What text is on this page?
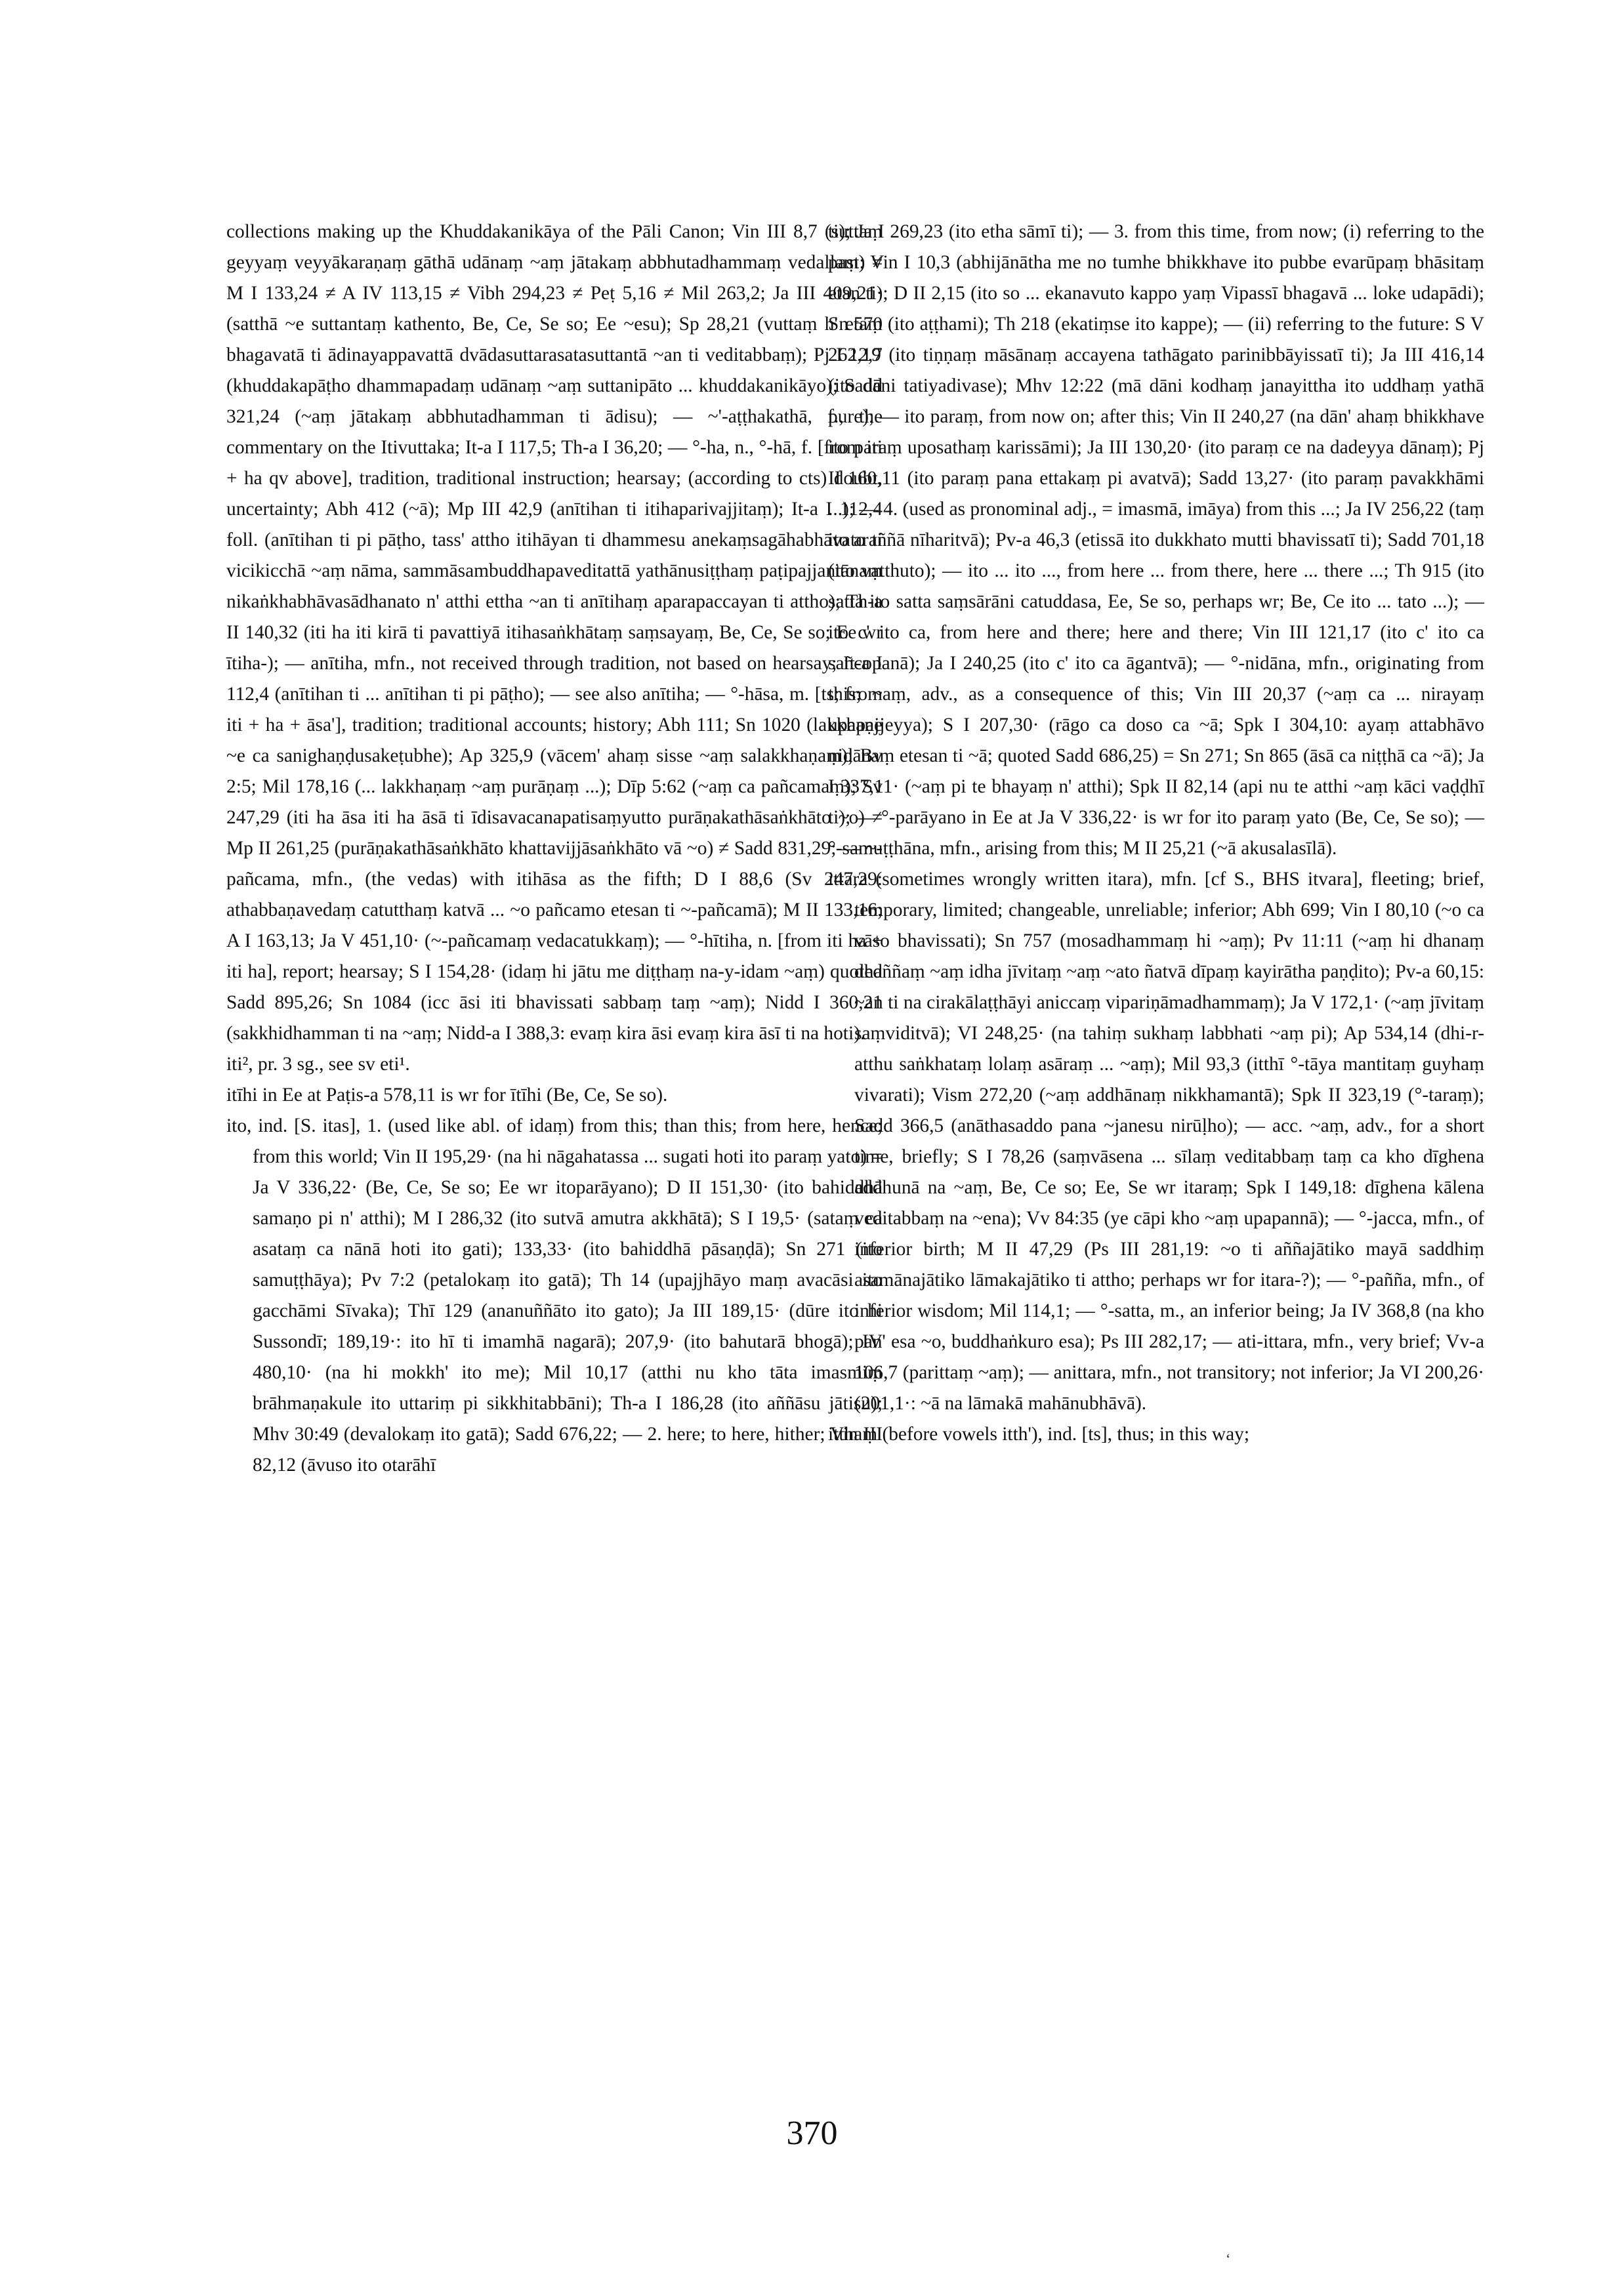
collections making up the Khuddakanikāya of the Pāli Canon; Vin III 8,7 (suttaṃ geyyaṃ veyyākaraṇaṃ gāthā udānaṃ ~aṃ jātakaṃ abbhutadhammaṃ vedallaṃ) ≠ M I 133,24 ≠ A IV 113,15 ≠ Vibh 294,23 ≠ Peṭ 5,16 ≠ Mil 263,2; Ja III 409,21· (satthā ~e suttantaṃ kathento, Be, Ce, Se so; Ee ~esu); Sp 28,21 (vuttaṃ h' etaṃ bhagavatā ti ādinayappavattā dvādasuttarasatasuttantā ~an ti veditabbaṃ); Pj I 12,7 (khuddakapāṭho dhammapadaṃ udānaṃ ~aṃ suttanipāto ... khuddakanikāyo); Sadd 321,24 (~aṃ jātakaṃ abbhutadhamman ti ādisu); — ~'-aṭṭhakathā, f., the commentary on the Itivuttaka; It-a I 117,5; Th-a I 36,20; — °-ha, n., °-hā, f. [from iti + ha qv above], tradition, traditional instruction; hearsay; (according to cts) doubt, uncertainty; Abh 412 (~ā); Mp III 42,9 (anītihan ti itihaparivajjitaṃ); It-a I 112,4 foll. (anītihan ti pi pāṭho, tass' attho itihāyan ti dhammesu anekaṃsagāhabhāvato ti vicikicchā ~aṃ nāma, sammāsambuddhapaveditattā yathānusiṭṭhaṃ paṭipajjantānaṃ nikaṅkhabhāvasādhanato n' atthi ettha ~an ti anītihaṃ aparapaccayan ti attho); Th-a II 140,32 (iti ha iti kirā ti pavattiyā itihasaṅkhātaṃ saṃsayaṃ, Be, Ce, Se so; Ee wr ītiha-); — anītiha, mfn., not received through tradition, not based on hearsay; It-a I 112,4 (anītihan ti ... anītihan ti pi pāṭho); — see also anītiha; — °-hāsa, m. [ts; from iti + ha + āsa'], tradition; traditional accounts; history; Abh 111; Sn 1020 (lakkhaṇe ~e ca sanighaṇḍusakeṭubhe); Ap 325,9 (vācem' ahaṃ sisse ~aṃ salakkhaṇaṃ); Bv 2:5; Mil 178,16 (... lakkhaṇaṃ ~aṃ purāṇaṃ ...); Dīp 5:62 (~aṃ ca pañcamaṃ); Sv 247,29 (iti ha āsa iti ha āsā ti īdisavacanapatisaṃyutto purāṇakathāsaṅkhāto ~o) ≠ Mp II 261,25 (purāṇakathāsaṅkhāto khattavijjāsaṅkhāto vā ~o) ≠ Sadd 831,29; — ~-pañcama, mfn., (the vedas) with itihāsa as the fifth; D I 88,6 (Sv 247,29: athabbaṇavedaṃ catutthaṃ katvā ... ~o pañcamo etesan ti ~-pañcamā); M II 133,16; A I 163,13; Ja V 451,10· (~-pañcamaṃ vedacatukkaṃ); — °-hītiha, n. [from iti ha + iti ha], report; hearsay; S I 154,28· (idaṃ hi jātu me diṭṭhaṃ na-y-idam ~aṃ) quoted Sadd 895,26; Sn 1084 (icc āsi iti bhavissati sabbaṃ taṃ ~aṃ); Nidd I 360,21 (sakkhidhamman ti na ~aṃ; Nidd-a I 388,3: evaṃ kira āsi evaṃ kira āsī ti na hoti).

iti², pr. 3 sg., see sv eti¹.

itīhi in Ee at Paṭis-a 578,11 is wr for ītīhi (Be, Ce, Se so).

ito, ind. [S. itas], 1. (used like abl. of idaṃ) from this; than this; from here, hence; from this world; Vin II 195,29· (na hi nāgahatassa ... sugati hoti ito paraṃ yato) = Ja V 336,22· (Be, Ce, Se so; Ee wr itoparāyano); D II 151,30· (ito bahiddhā samaṇo pi n' atthi); M I 286,32 (ito sutvā amutra akkhātā); S I 19,5· (sataṃ ca asataṃ ca nānā hoti ito gati); 133,33· (ito bahiddhā pāsaṇḍā); Sn 271 (ito samuṭṭhāya); Pv 7:2 (petalokaṃ ito gatā); Th 14 (upajjhāyo maṃ avacāsi ito gacchāmi Sīvaka); Thī 129 (ananuññāto ito gato); Ja III 189,15· (dūre ito hi Sussondī; 189,19·: ito hī ti imamhā nagarā); 207,9· (ito bahutarā bhogā); IV 480,10· (na hi mokkh' ito me); Mil 10,17 (atthi nu kho tāta imasmiṃ brāhmaṇakule ito uttariṃ pi sikkhitabbāni); Th-a I 186,28 (ito aññāsu jātisu); Mhv 30:49 (devalokaṃ ito gatā); Sadd 676,22; — 2. here; to here, hither; Vin III 82,12 (āvuso ito otarāhī

ti); Ja I 269,23 (ito etha sāmī ti); — 3. from this time, from now; (i) referring to the past: Vin I 10,3 (abhijānātha me no tumhe bhikkhave ito pubbe evarūpaṃ bhāsitaṃ etan ti); D II 2,15 (ito so ... ekanavuto kappo yaṃ Vipassī bhagavā ... loke udapādi); Sn 570 (ito aṭṭhami); Th 218 (ekatiṃse ito kappe); — (ii) referring to the future: S V 262,19 (ito tiṇṇaṃ māsānaṃ accayena tathāgato parinibbāyissatī ti); Ja III 416,14 (ito dāni tatiyadivase); Mhv 12:22 (mā dāni kodhaṃ janayittha ito uddhaṃ yathā pure); — ito paraṃ, from now on; after this; Vin II 240,27 (na dān' ahaṃ bhikkhave ito paraṃ uposathaṃ karissāmi); Ja III 130,20· (ito paraṃ ce na dadeyya dānaṃ); Pj II 160,11 (ito paraṃ pana ettakaṃ pi avatvā); Sadd 13,27· (ito paraṃ pavakkhāmi ...); — 4. (used as pronominal adj., = imasmā, imāya) from this ...; Ja IV 256,22 (taṃ ito araññā nīharitvā); Pv-a 46,3 (etissā ito dukkhato mutti bhavissatī ti); Sadd 701,18 (ito vatthuto); — ito ... ito ..., from here ... from there, here ... there ...; Th 915 (ito satta ito satta saṃsārāni catuddasa, Ee, Se so, perhaps wr; Be, Ce ito ... tato ...); — ito c' ito ca, from here and there; here and there; Vin III 121,17 (ito c' ito ca sañcopanā); Ja I 240,25 (ito c' ito ca āgantvā); — °-nidāna, mfn., originating from this; ~aṃ, adv., as a consequence of this; Vin III 20,37 (~aṃ ca ... nirayaṃ upapajjeyya); S I 207,30· (rāgo ca doso ca ~ā; Spk I 304,10: ayaṃ attabhāvo nidānaṃ etesan ti ~ā; quoted Sadd 686,25) = Sn 271; Sn 865 (āsā ca niṭṭhā ca ~ā); Ja I 337,11· (~aṃ pi te bhayaṃ n' atthi); Spk II 82,14 (api nu te atthi ~aṃ kāci vaḍḍhī ti); — °-parāyano in Ee at Ja V 336,22· is wr for ito paraṃ yato (Be, Ce, Se so); — °-samuṭṭhāna, mfn., arising from this; M II 25,21 (~ā akusalasīlā).

ittara (sometimes wrongly written itara), mfn. [cf S., BHS itvara], fleeting; brief, temporary, limited; changeable, unreliable; inferior; Abh 699; Vin I 80,10 (~o ca vāso bhavissati); Sn 757 (mosadhammaṃ hi ~aṃ); Pv 11:11 (~aṃ hi dhanaṃ dhaññaṃ ~aṃ idha jīvitaṃ ~aṃ ~ato ñatvā dīpaṃ kayirātha paṇḍito); Pv-a 60,15: ~an ti na cirakālaṭṭhāyi aniccaṃ vipariṇāmadhammaṃ); Ja V 172,1· (~aṃ jīvitaṃ saṃviditvā); VI 248,25· (na tahiṃ sukhaṃ labbhati ~aṃ pi); Ap 534,14 (dhi-r-atthu saṅkhataṃ lolaṃ asāraṃ ... ~aṃ); Mil 93,3 (itthī °-tāya mantitaṃ guyhaṃ vivarati); Vism 272,20 (~aṃ addhānaṃ nikkhamantā); Spk II 323,19 (°-taraṃ); Sadd 366,5 (anāthasaddo pana ~janesu nirūḷho); — acc. ~aṃ, adv., for a short time, briefly; S I 78,26 (saṃvāsena ... sīlaṃ veditabbaṃ taṃ ca kho dīghena addhunā na ~aṃ, Be, Ce so; Ee, Se wr itaraṃ; Spk I 149,18: dīghena kālena veditabbaṃ na ~ena); Vv 84:35 (ye cāpi kho ~aṃ upapannā); — °-jacca, mfn., of inferior birth; M II 47,29 (Ps III 281,19: ~o ti aññajātiko mayā saddhiṃ asamānajātiko lāmakajātiko ti attho; perhaps wr for itara-?); — °-pañña, mfn., of inferior wisdom; Mil 114,1; — °-satta, m., an inferior being; Ja IV 368,8 (na kho pan' esa ~o, buddhaṅkuro esa); Ps III 282,17; — ati-ittara, mfn., very brief; Vv-a 106,7 (parittaṃ ~aṃ); — anittara, mfn., not transitory; not inferior; Ja VI 200,26· (201,1·: ~ā na lāmakā mahānubhāvā).

itthaṃ (before vowels itth'), ind. [ts], thus; in this way;

370
‘
